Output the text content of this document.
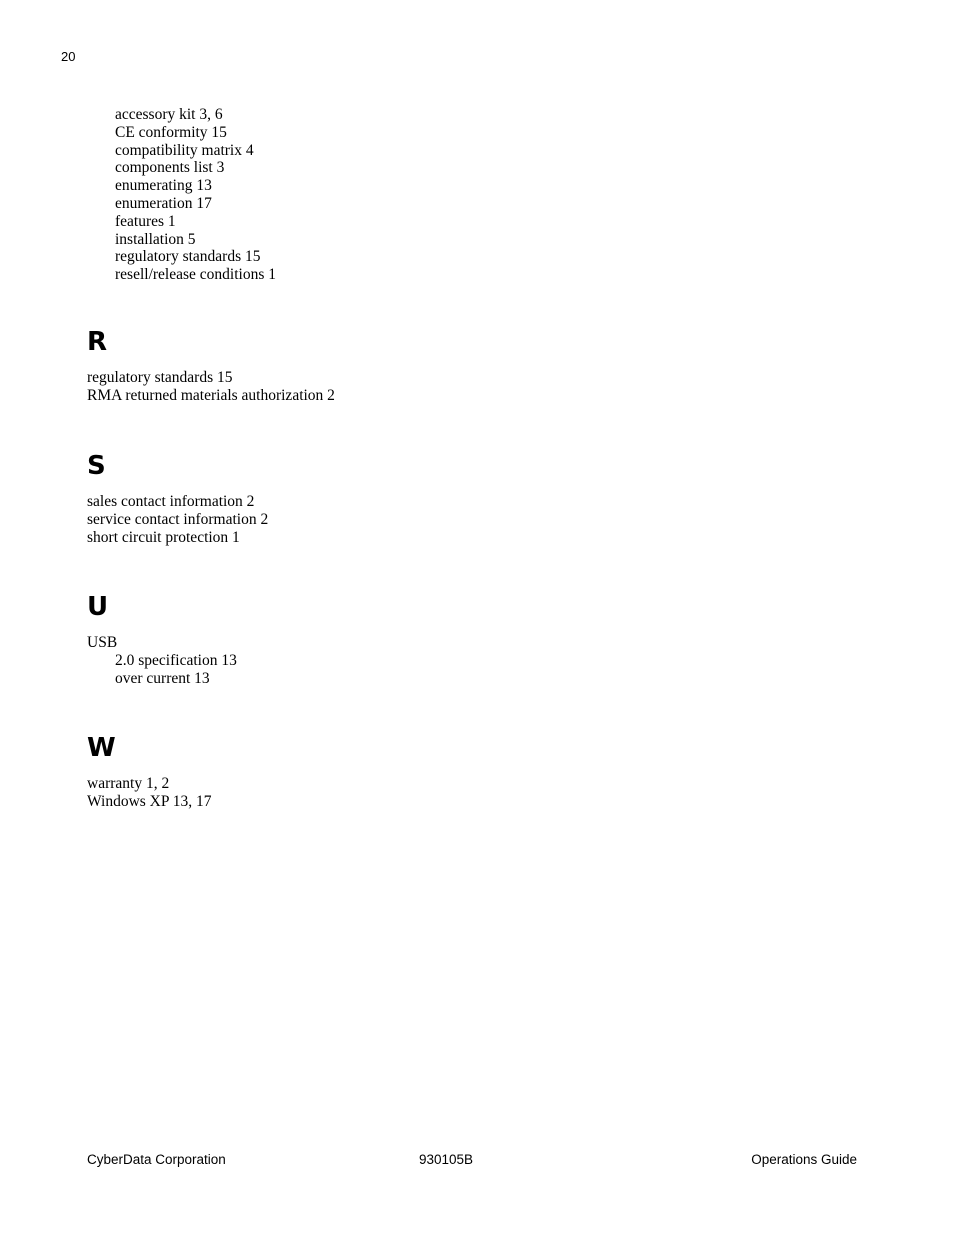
20
accessory kit 3, 6
CE conformity 15
compatibility matrix 4
components list 3
enumerating 13
enumeration 17
features 1
installation 5
regulatory standards 15
resell/release conditions 1
R
regulatory standards 15
RMA returned materials authorization 2
S
sales contact information 2
service contact information 2
short circuit protection 1
U
USB
2.0 specification 13
over current 13
W
warranty 1, 2
Windows XP 13, 17
CyberData Corporation	930105B	Operations Guide
